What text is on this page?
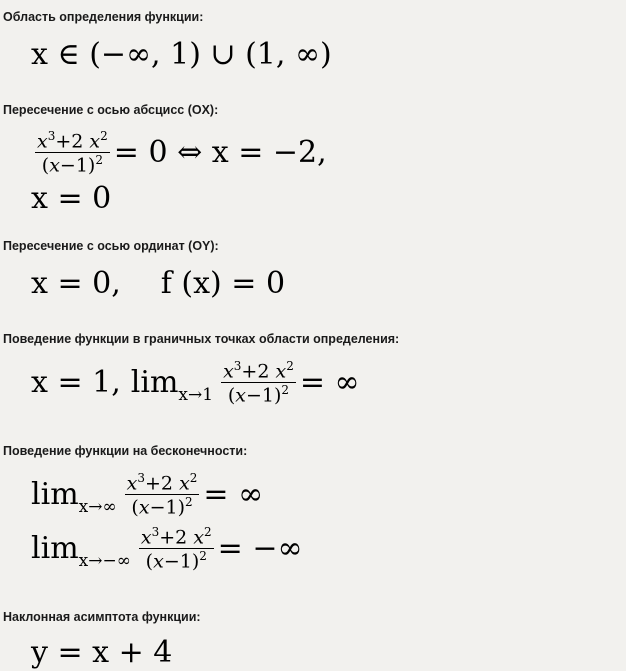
Область определения функции:
x ∈ (−∞, 1) ∪ (1, ∞)
Пересечение с осью абсцисс (OX):
$\frac{x^3+2 x^2}{(x-1)^2} = 0$ ⇔ x = −2,
x = 0
Пересечение с осью ординат (OY):
x = 0, f (x) = 0
Поведение функции в граничных точках области определения:
x = 1, $\lim x\to 1 \frac{x^3+2 x^2}{(x-1)^2}$ = ∞
Поведение функции на бесконечности:
$\lim x\to\infty \frac{x^3+2 x^2}{(x-1)^2}$ = ∞
$\lim x\to-\infty \frac{x^3+2 x^2}{(x-1)^2}$ = −∞
Наклонная асимптота функции:
y = x + 4
